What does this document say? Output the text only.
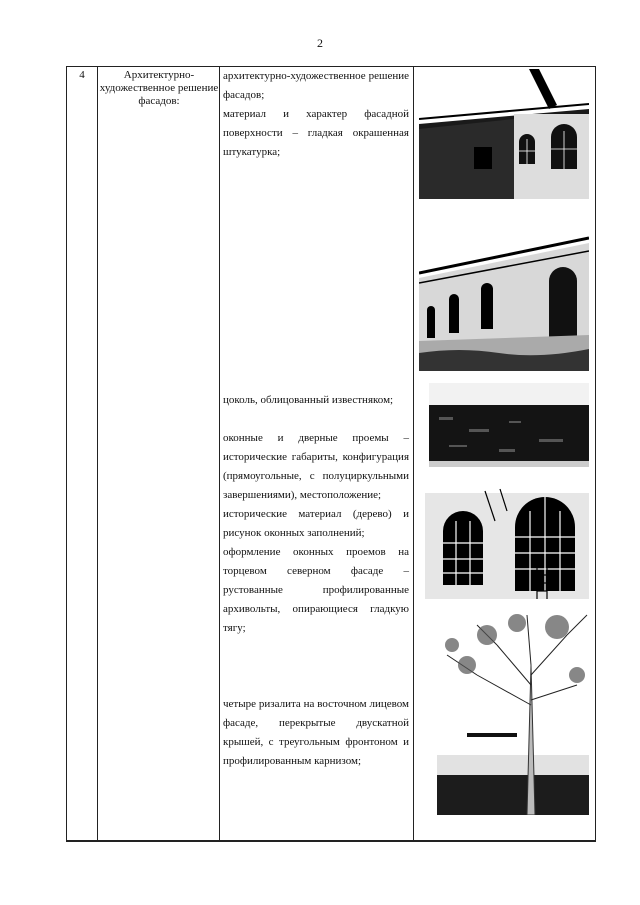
2
4	Архитектурно-художественное решение фасадов:

архитектурно-художественное решение фасадов;

материал и характер фасадной поверхности – гладкая окрашенная штукатурка;

цоколь, облицованный известняком;

оконные и дверные проемы – исторические габариты, конфигурация (прямоугольные, с полуциркульными завершениями), местоположение;

исторические материал (дерево) и рисунок оконных заполнений;

оформление оконных проемов на торцевом северном фасаде – рустованные профилированные архивольты, опирающиеся гладкую тягу;

четыре ризалита на восточном лицевом фасаде, перекрытые двускатной крышей, с треугольным фронтоном и профилированным карнизом;
